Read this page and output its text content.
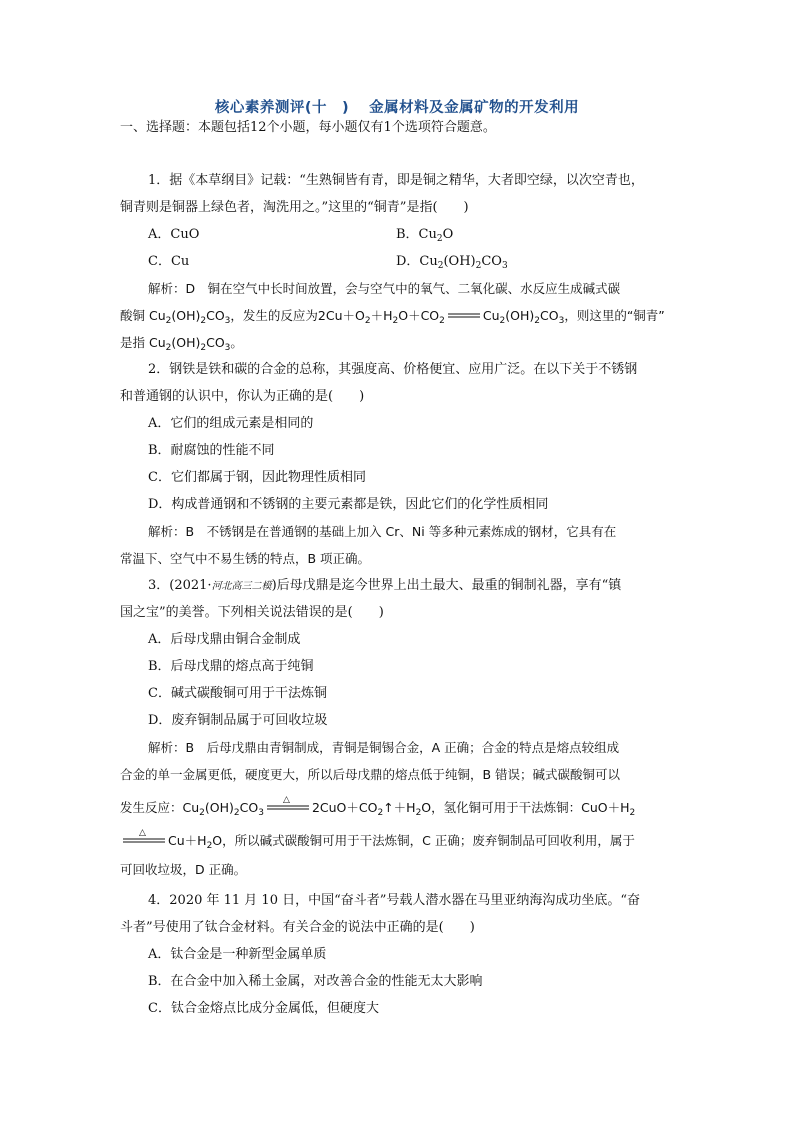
核心素养测评(十　) 金属材料及金属矿物的开发利用
一、选择题：本题包括12个小题，每小题仅有1个选项符合题意。
1．据《本草纲目》记载：“生熟铜皆有青，即是铜之精华，大者即空绿，以次空青也，
铜青则是铜器上绿色者，淘洗用之。”这里的“铜青”是指(　　)
A．CuO	B．$Cu_2O$
C．Cu	D．$Cu_2(OH)_2CO_3$
解析：D　铜在空气中长时间放置，会与空气中的氧气、二氧化碳、水反应生成碱式碳
酸铜 $Cu_2(OH)_2CO_3$，发生的反应为$2Cu+O_2+H_2O+CO_2$	$Cu_2(OH)_2CO_3$，则这里的“铜青”
是指 $Cu_2(OH)_2CO_3$。
2．钢铁是铁和碳的合金的总称，其强度高、价格便宜、应用广泛。在以下关于不锈钢
和普通钢的认识中，你认为正确的是(　　)
A．它们的组成元素是相同的
B．耐腐蚀的性能不同
C．它们都属于钢，因此物理性质相同
D．构成普通钢和不锈钢的主要元素都是铁，因此它们的化学性质相同
解析：B　不锈钢是在普通钢的基础上加入 Cr、Ni 等多种元素炼成的钢材，它具有在
常温下、空气中不易生锈的特点，B 项正确。
3．(2021·河北高三二模)后母戊鼎是迄今世界上出土最大、最重的铜制礼器，享有“镇
国之宝”的美誉。下列相关说法错误的是(　　)
A．后母戊鼎由铜合金制成
B．后母戊鼎的熔点高于纯铜
C．碱式碳酸铜可用于干法炼铜
D．废弃铜制品属于可回收垃圾
解析：B　后母戊鼎由青铜制成，青铜是铜锡合金，A 正确；合金的特点是熔点较组成
合金的单一金属更低，硬度更大，所以后母戊鼎的熔点低于纯铜，B 错误；碱式碳酸铜可以
发生反应：$Cu_2(OH)_2CO_3$
△ $2CuO+CO_2↑+H_2O$，氢化铜可用于干法炼铜：$CuO+H_2$
△ $Cu+H_2O$，所以碱式碳酸铜可用于干法炼铜，C 正确；废弃铜制品可回收利用，属于
可回收垃圾，D 正确。
4．2020 年 11 月 10 日，中国“奋斗者”号载人潜水器在马里亚纳海沟成功坐底。“奋
斗者”号使用了钛合金材料。有关合金的说法中正确的是(　　)
A．钛合金是一种新型金属单质
B．在合金中加入稀土金属，对改善合金的性能无太大影响
C．钛合金熔点比成分金属低，但硬度大
